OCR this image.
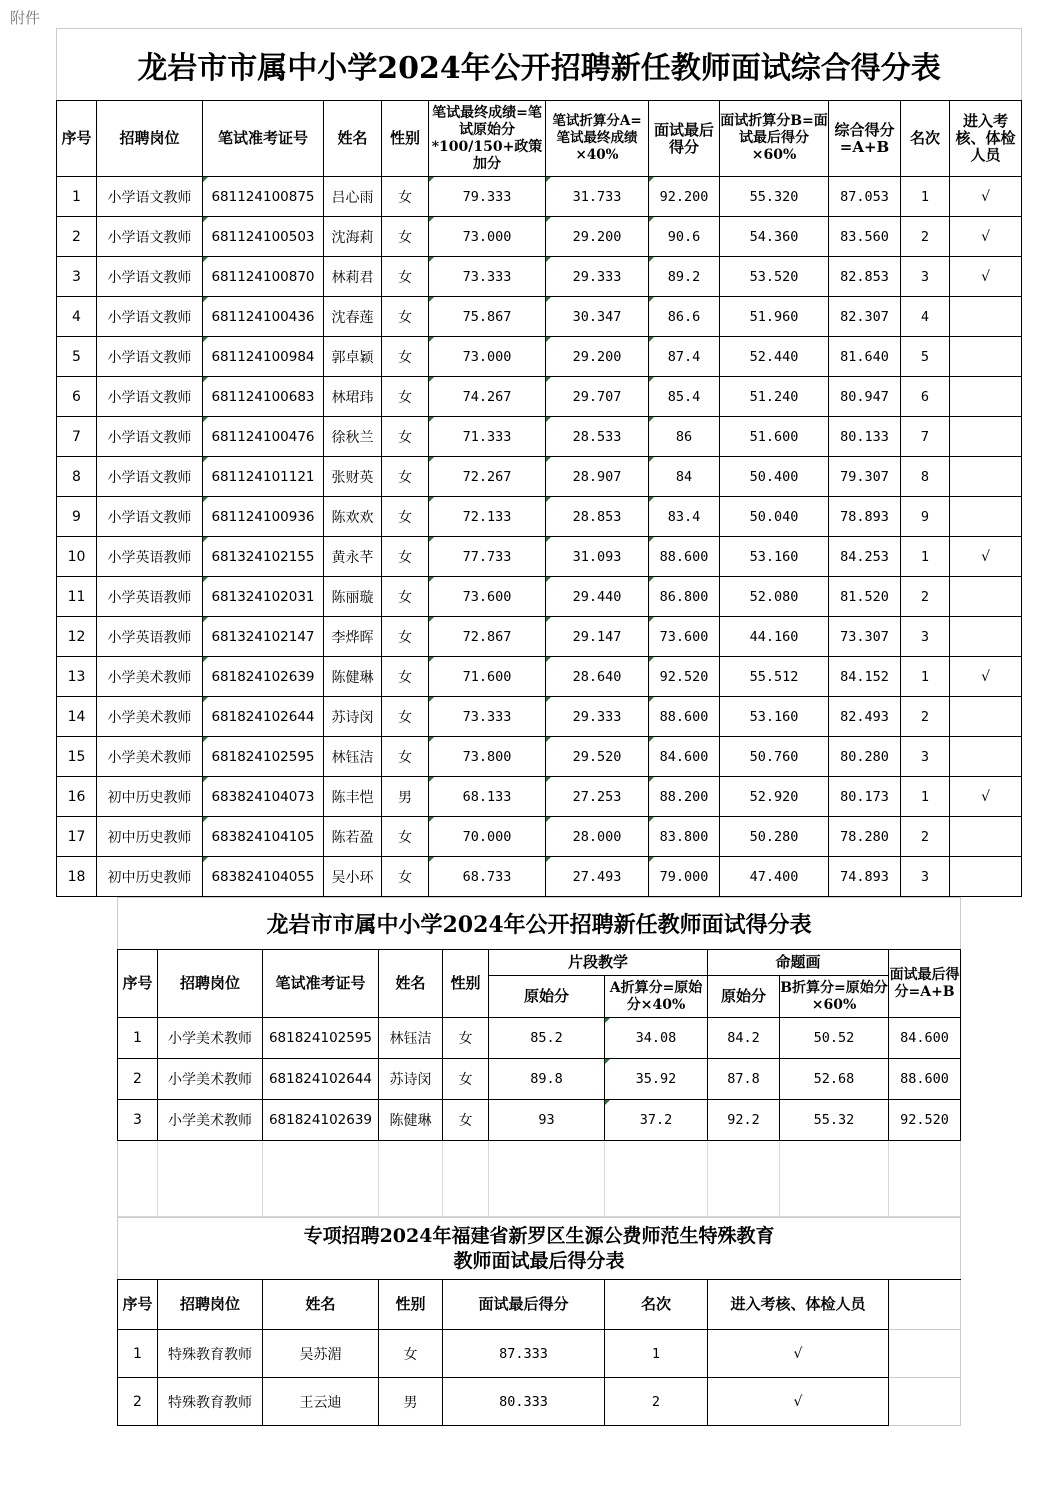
附件
龙岩市市属中小学2024年公开招聘新任教师面试综合得分表											
序号	招聘岗位	笔试准考证号	姓名	性别	笔试最终成绩=笔试原始分*100/150+政策加分	笔试折算分A=笔试最终成绩×40%	面试最后得分	面试折算分B=面试最后得分×60%	综合得分=A+B	名次	进入考核、体检人员
1	小学语文教师	681124100875	吕心雨	女	79.333	31.733	92.200	55.320	87.053	1	√
2	小学语文教师	681124100503	沈海莉	女	73.000	29.200	90.6	54.360	83.560	2	√
3	小学语文教师	681124100870	林莉君	女	73.333	29.333	89.2	53.520	82.853	3	√
4	小学语文教师	681124100436	沈春莲	女	75.867	30.347	86.6	51.960	82.307	4	
5	小学语文教师	681124100984	郭卓颖	女	73.000	29.200	87.4	52.440	81.640	5	
6	小学语文教师	681124100683	林珺玮	女	74.267	29.707	85.4	51.240	80.947	6	
7	小学语文教师	681124100476	徐秋兰	女	71.333	28.533	86	51.600	80.133	7	
8	小学语文教师	681124101121	张财英	女	72.267	28.907	84	50.400	79.307	8	
9	小学语文教师	681124100936	陈欢欢	女	72.133	28.853	83.4	50.040	78.893	9	
10	小学英语教师	681324102155	黄永芊	女	77.733	31.093	88.600	53.160	84.253	1	√
11	小学英语教师	681324102031	陈丽璇	女	73.600	29.440	86.800	52.080	81.520	2	
12	小学英语教师	681324102147	李烨晖	女	72.867	29.147	73.600	44.160	73.307	3	
13	小学美术教师	681824102639	陈健琳	女	71.600	28.640	92.520	55.512	84.152	1	√
14	小学美术教师	681824102644	苏诗闵	女	73.333	29.333	88.600	53.160	82.493	2	
15	小学美术教师	681824102595	林钰洁	女	73.800	29.520	84.600	50.760	80.280	3	
16	初中历史教师	683824104073	陈丰恺	男	68.133	27.253	88.200	52.920	80.173	1	√
17	初中历史教师	683824104105	陈若盈	女	70.000	28.000	83.800	50.280	78.280	2	
18	初中历史教师	683824104055	吴小环	女	68.733	27.493	79.000	47.400	74.893	3	
龙岩市市属中小学2024年公开招聘新任教师面试得分表									
序号	招聘岗位	笔试准考证号	姓名	性别	片段教学		命题画		面试最后得分=A+B
					原始分	A折算分=原始分×40%	原始分	B折算分=原始分×60%	
1	小学美术教师	681824102595	林钰洁	女	85.2	34.08	84.2	50.52	84.600
2	小学美术教师	681824102644	苏诗闵	女	89.8	35.92	87.8	52.68	88.600
3	小学美术教师	681824102639	陈健琳	女	93	37.2	92.2	55.32	92.520

专项招聘2024年福建省新罗区生源公费师范生特殊教育
教师面试最后得分表							

序号	招聘岗位	姓名	性别	面试最后得分	名次	进入考核、体检人员	
1	特殊教育教师	吴苏湄	女	87.333	1	√	
2	特殊教育教师	王云迪	男	80.333	2	√	
